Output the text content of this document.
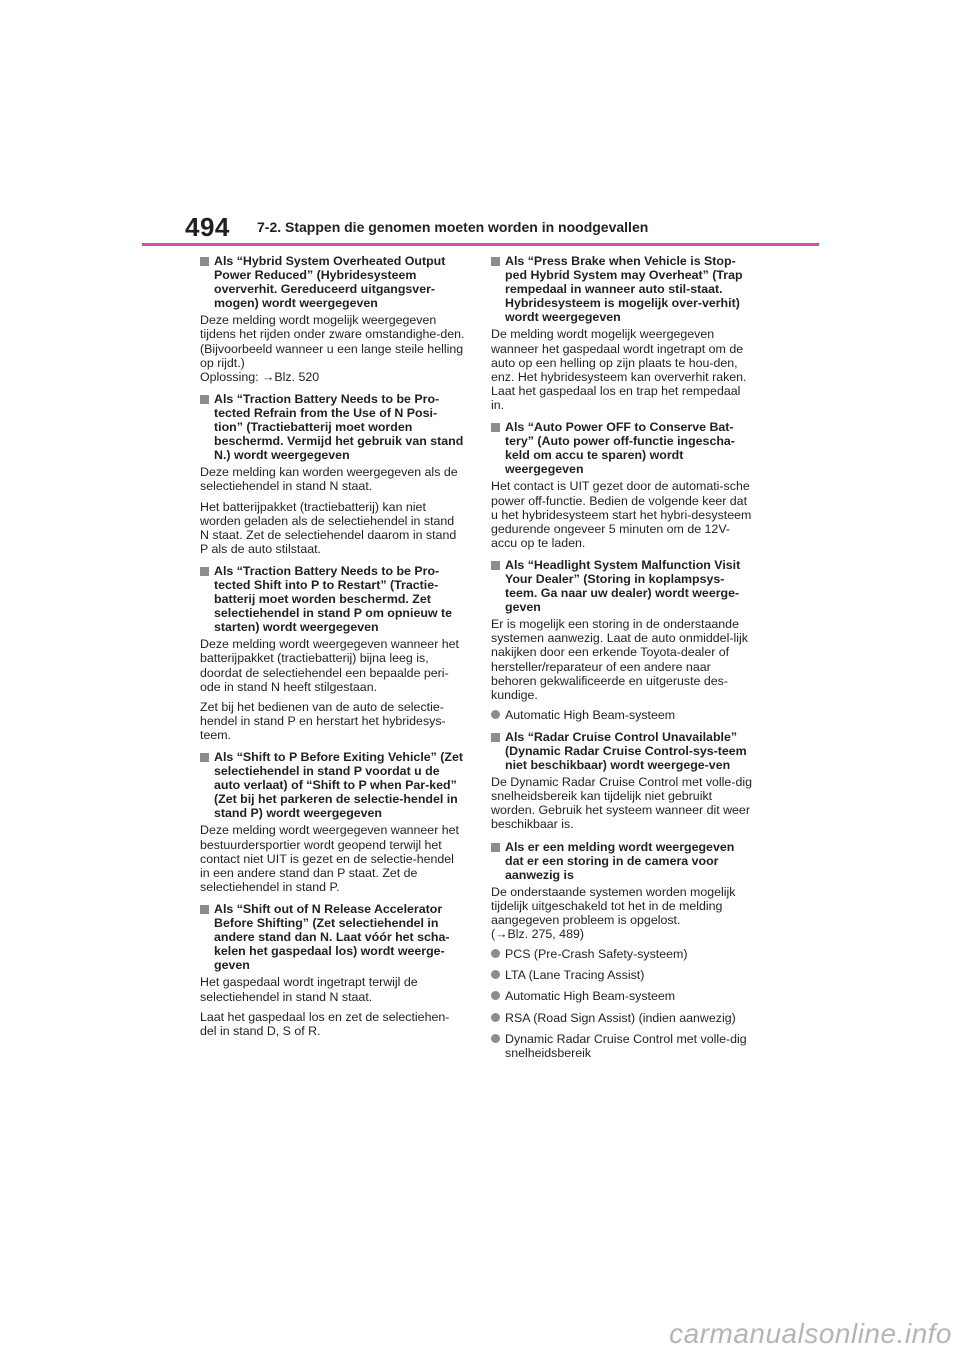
494 7-2. Stappen die genomen moeten worden in noodgevallen
Als “Hybrid System Overheated Output Power Reduced” (Hybridesysteem oververhit. Gereduceerd uitgangsver-mogen) wordt weergegeven
Deze melding wordt mogelijk weergegeven tijdens het rijden onder zware omstandighe-den. (Bijvoorbeeld wanneer u een lange steile helling op rijdt.)
Oplossing: →Blz. 520
Als “Traction Battery Needs to be Pro-tected Refrain from the Use of N Posi-tion” (Tractiebatterij moet worden beschermd. Vermijd het gebruik van stand N.) wordt weergegeven
Deze melding kan worden weergegeven als de selectiehendel in stand N staat.
Het batterijpakket (tractiebatterij) kan niet worden geladen als de selectiehendel in stand N staat. Zet de selectiehendel daarom in stand P als de auto stilstaat.
Als “Traction Battery Needs to be Pro-tected Shift into P to Restart” (Tractie-batterij moet worden beschermd. Zet selectiehendel in stand P om opnieuw te starten) wordt weergegeven
Deze melding wordt weergegeven wanneer het batterijpakket (tractiebatterij) bijna leeg is, doordat de selectiehendel een bepaalde peri-ode in stand N heeft stilgestaan.
Zet bij het bedienen van de auto de selectie-hendel in stand P en herstart het hybridesys-teem.
Als “Shift to P Before Exiting Vehicle” (Zet selectiehendel in stand P voordat u de auto verlaat) of “Shift to P when Par-ked” (Zet bij het parkeren de selectie-hendel in stand P) wordt weergegeven
Deze melding wordt weergegeven wanneer het bestuurdersportier wordt geopend terwijl het contact niet UIT is gezet en de selectie-hendel in een andere stand dan P staat. Zet de selectiehendel in stand P.
Als “Shift out of N Release Accelerator Before Shifting” (Zet selectiehendel in andere stand dan N. Laat vóór het scha-kelen het gaspedaal los) wordt weerge-geven
Het gaspedaal wordt ingetrapt terwijl de selectiehendel in stand N staat.
Laat het gaspedaal los en zet de selectiehen-del in stand D, S of R.
Als “Press Brake when Vehicle is Stop-ped Hybrid System may Overheat” (Trap rempedaal in wanneer auto stil-staat. Hybridesysteem is mogelijk over-verhit) wordt weergegeven
De melding wordt mogelijk weergegeven wanneer het gaspedaal wordt ingetrapt om de auto op een helling op zijn plaats te hou-den, enz. Het hybridesysteem kan oververhit raken. Laat het gaspedaal los en trap het rempedaal in.
Als “Auto Power OFF to Conserve Bat-tery” (Auto power off-functie ingescha-keld om accu te sparen) wordt weergegeven
Het contact is UIT gezet door de automati-sche power off-functie. Bedien de volgende keer dat u het hybridesysteem start het hybri-desysteem gedurende ongeveer 5 minuten om de 12V-accu op te laden.
Als “Headlight System Malfunction Visit Your Dealer” (Storing in koplampsys-teem. Ga naar uw dealer) wordt weerge-geven
Er is mogelijk een storing in de onderstaande systemen aanwezig. Laat de auto onmiddel-lijk nakijken door een erkende Toyota-dealer of hersteller/reparateur of een andere naar behoren gekwalificeerde en uitgeruste des-kundige.
Automatic High Beam-systeem
Als “Radar Cruise Control Unavailable” (Dynamic Radar Cruise Control-sys-teem niet beschikbaar) wordt weergege-ven
De Dynamic Radar Cruise Control met volle-dig snelheidsbereik kan tijdelijk niet gebruikt worden. Gebruik het systeem wanneer dit weer beschikbaar is.
Als er een melding wordt weergegeven dat er een storing in de camera voor aanwezig is
De onderstaande systemen worden mogelijk tijdelijk uitgeschakeld tot het in de melding aangegeven probleem is opgelost.
(→Blz. 275, 489)
PCS (Pre-Crash Safety-systeem)
LTA (Lane Tracing Assist)
Automatic High Beam-systeem
RSA (Road Sign Assist) (indien aanwezig)
Dynamic Radar Cruise Control met volle-dig snelheidsbereik
carmanualsonline.info
